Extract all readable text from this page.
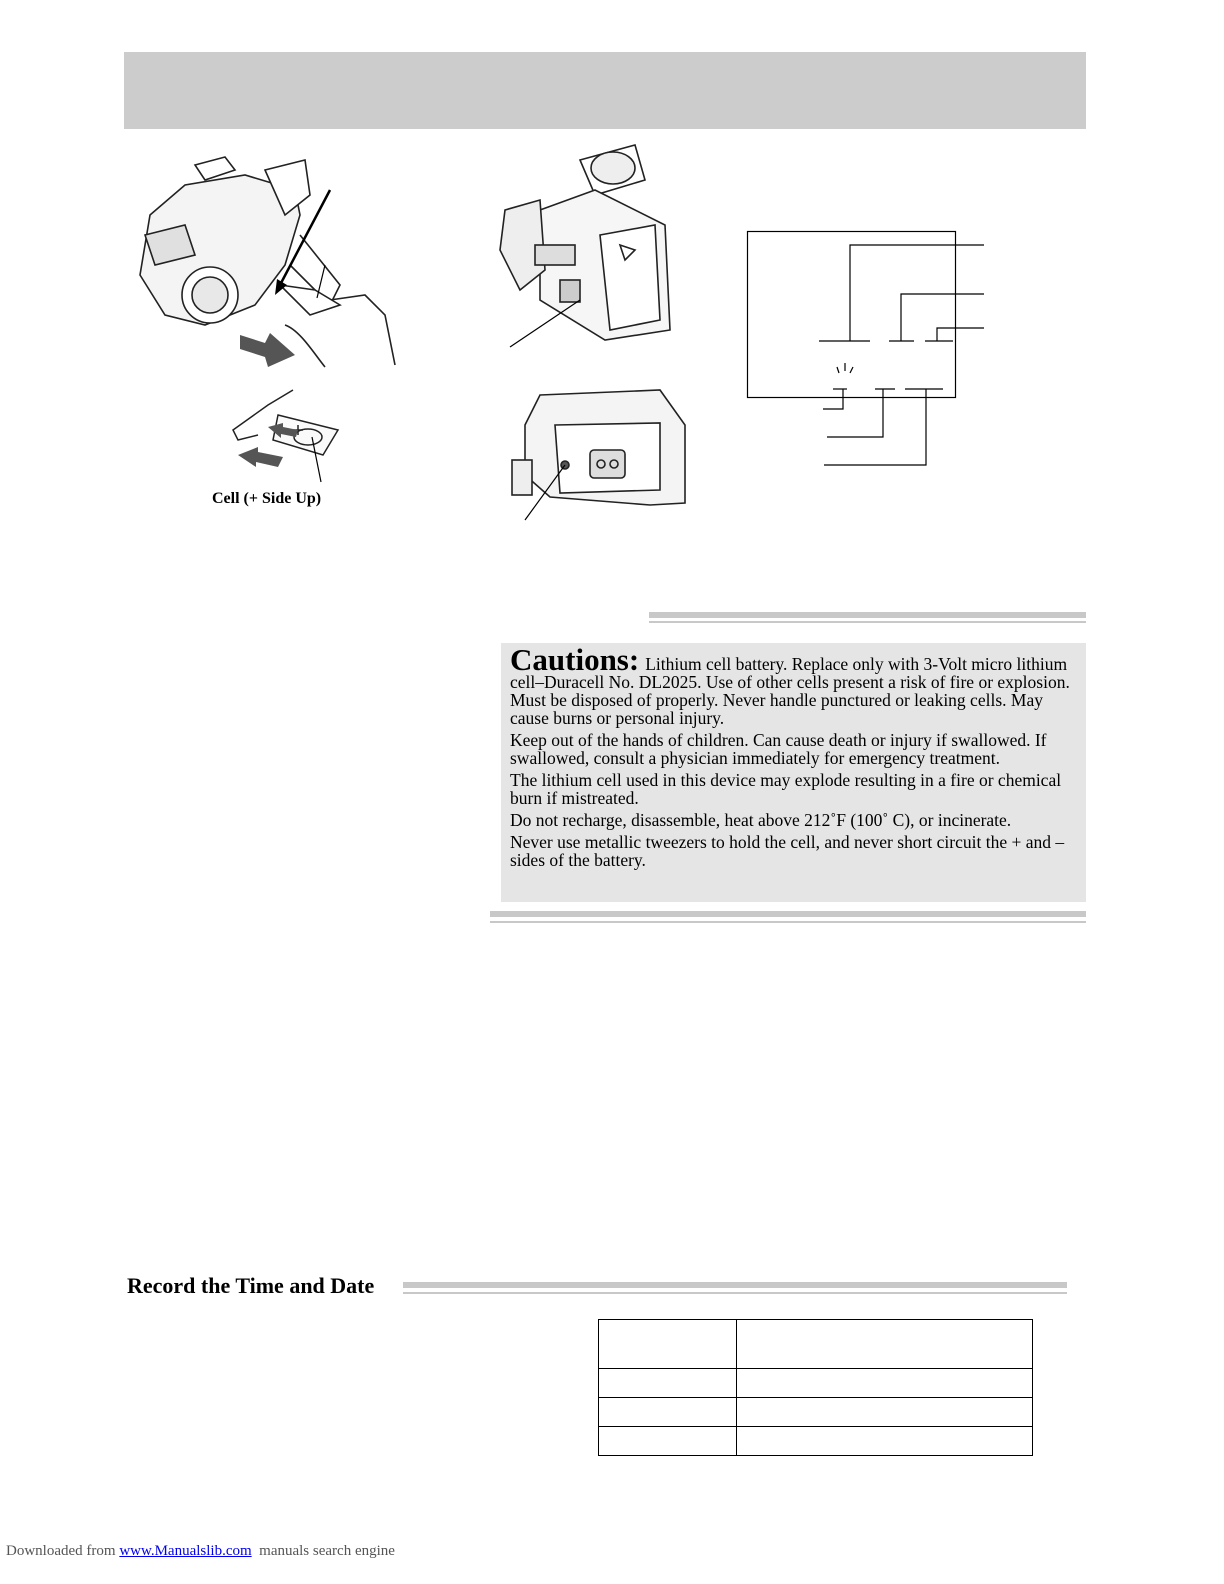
Cell (+ Side Up)

Cautions: Lithium cell battery. Replace only with 3-Volt micro lithium cell–Duracell No. DL2025. Use of other cells present a risk of fire or explosion. Must be disposed of properly. Never handle punctured or leaking cells. May cause burns or personal injury.

Keep out of the hands of children. Can cause death or injury if swallowed. If swallowed, consult a physician immediately for emergency treatment.

The lithium cell used in this device may explode resulting in a fire or chemical burn if mistreated.

Do not recharge, disassemble, heat above 212˚F (100˚ C), or incinerate.

Never use metallic tweezers to hold the cell, and never short circuit the + and – sides of the battery.

Record the Time and Date

Downloaded from www.Manualslib.com  manuals search engine
